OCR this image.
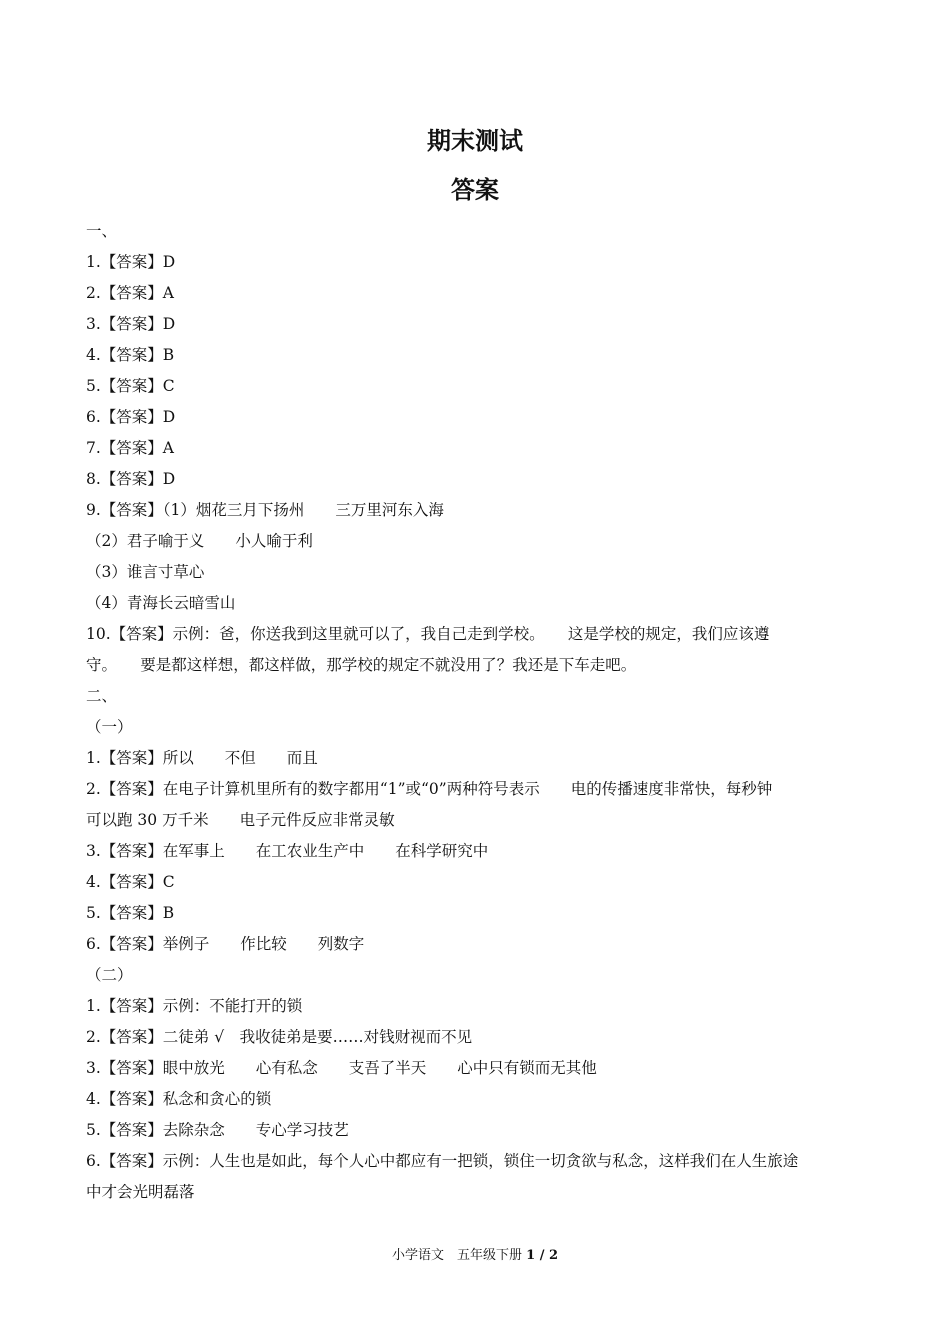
期末测试
答案
一、
1.【答案】D
2.【答案】A
3.【答案】D
4.【答案】B
5.【答案】C
6.【答案】D
7.【答案】A
8.【答案】D
9.【答案】（1）烟花三月下扬州　　三万里河东入海
（2）君子喻于义　　小人喻于利
（3）谁言寸草心
（4）青海长云暗雪山
10.【答案】示例：爸，你送我到这里就可以了，我自己走到学校。　　这是学校的规定，我们应该遵
守。　　要是都这样想，都这样做，那学校的规定不就没用了？我还是下车走吧。
二、
（一）
1.【答案】所以　　不但　　而且
2.【答案】在电子计算机里所有的数字都用“1”或“0”两种符号表示　　电的传播速度非常快，每秒钟
可以跑 30 万千米　　电子元件反应非常灵敏
3.【答案】在军事上　　在工农业生产中　　在科学研究中
4.【答案】C
5.【答案】B
6.【答案】举例子　　作比较　　列数字
（二）
1.【答案】示例：不能打开的锁
2.【答案】二徒弟 √　我收徒弟是要……对钱财视而不见
3.【答案】眼中放光　　心有私念　　支吾了半天　　心中只有锁而无其他
4.【答案】私念和贪心的锁
5.【答案】去除杂念　　专心学习技艺
6.【答案】示例：人生也是如此，每个人心中都应有一把锁，锁住一切贪欲与私念，这样我们在人生旅途
中才会光明磊落
小学语文　五年级下册 1 / 2
